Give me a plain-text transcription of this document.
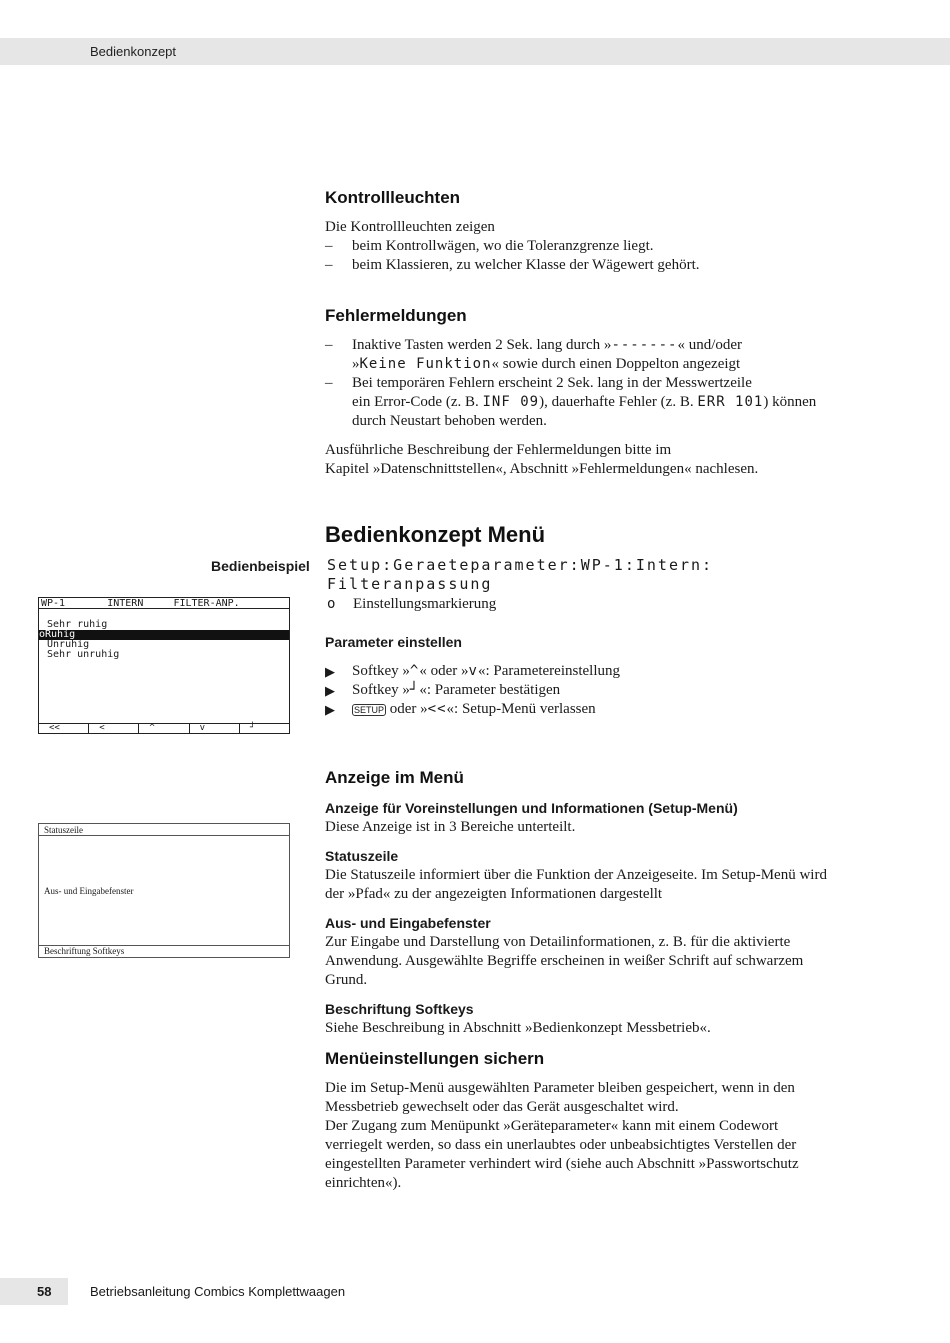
Bedienkonzept
Kontrollleuchten
Die Kontrollleuchten zeigen
– beim Kontrollwägen, wo die Toleranzgrenze liegt.
– beim Klassieren, zu welcher Klasse der Wägewert gehört.
Fehlermeldungen
– Inaktive Tasten werden 2 Sek. lang durch »-------« und/oder
»Keine Funktion« sowie durch einen Doppelton angezeigt
– Bei temporären Fehlern erscheint 2 Sek. lang in der Messwertzeile
ein Error-Code (z. B. INF 09), dauerhafte Fehler (z. B. ERR 101) können
durch Neustart behoben werden.
Ausführliche Beschreibung der Fehlermeldungen bitte im
Kapitel »Datenschnittstellen«, Abschnitt »Fehlermeldungen« nachlesen.
Bedienkonzept Menü
Bedienbeispiel Setup:Geraeteparameter:WP-1:Intern:
Filteranpassung
o Einstellungsmarkierung
WP-1       INTERN     FILTER-ANP.
Sehr ruhig
oRuhig
Unruhig
Sehr unruhig
<<	<	^	v	┘
Parameter einstellen
▶ Softkey »^« oder »v«: Parametereinstellung
▶ Softkey »┘«: Parameter bestätigen
▶ SETUP oder »<<«: Setup-Menü verlassen
Anzeige im Menü
Anzeige für Voreinstellungen und Informationen (Setup-Menü)
Diese Anzeige ist in 3 Bereiche unterteilt.
Statuszeile
Die Statuszeile informiert über die Funktion der Anzeigeseite. Im Setup-Menü wird
der »Pfad« zu der angezeigten Informationen dargestellt
Aus- und Eingabefenster
Zur Eingabe und Darstellung von Detailinformationen, z. B. für die aktivierte
Anwendung. Ausgewählte Begriffe erscheinen in weißer Schrift auf schwarzem
Grund.
Beschriftung Softkeys
Siehe Beschreibung in Abschnitt »Bedienkonzept Messbetrieb«.
Statuszeile
Aus- und Eingabefenster
Beschriftung Softkeys
Menüeinstellungen sichern
Die im Setup-Menü ausgewählten Parameter bleiben gespeichert, wenn in den
Messbetrieb gewechselt oder das Gerät ausgeschaltet wird.
Der Zugang zum Menüpunkt »Geräteparameter« kann mit einem Codewort
verriegelt werden, so dass ein unerlaubtes oder unbeabsichtigtes Verstellen der
eingestellten Parameter verhindert wird (siehe auch Abschnitt »Passwortschutz
einrichten«).
58	Betriebsanleitung Combics Komplettwaagen
